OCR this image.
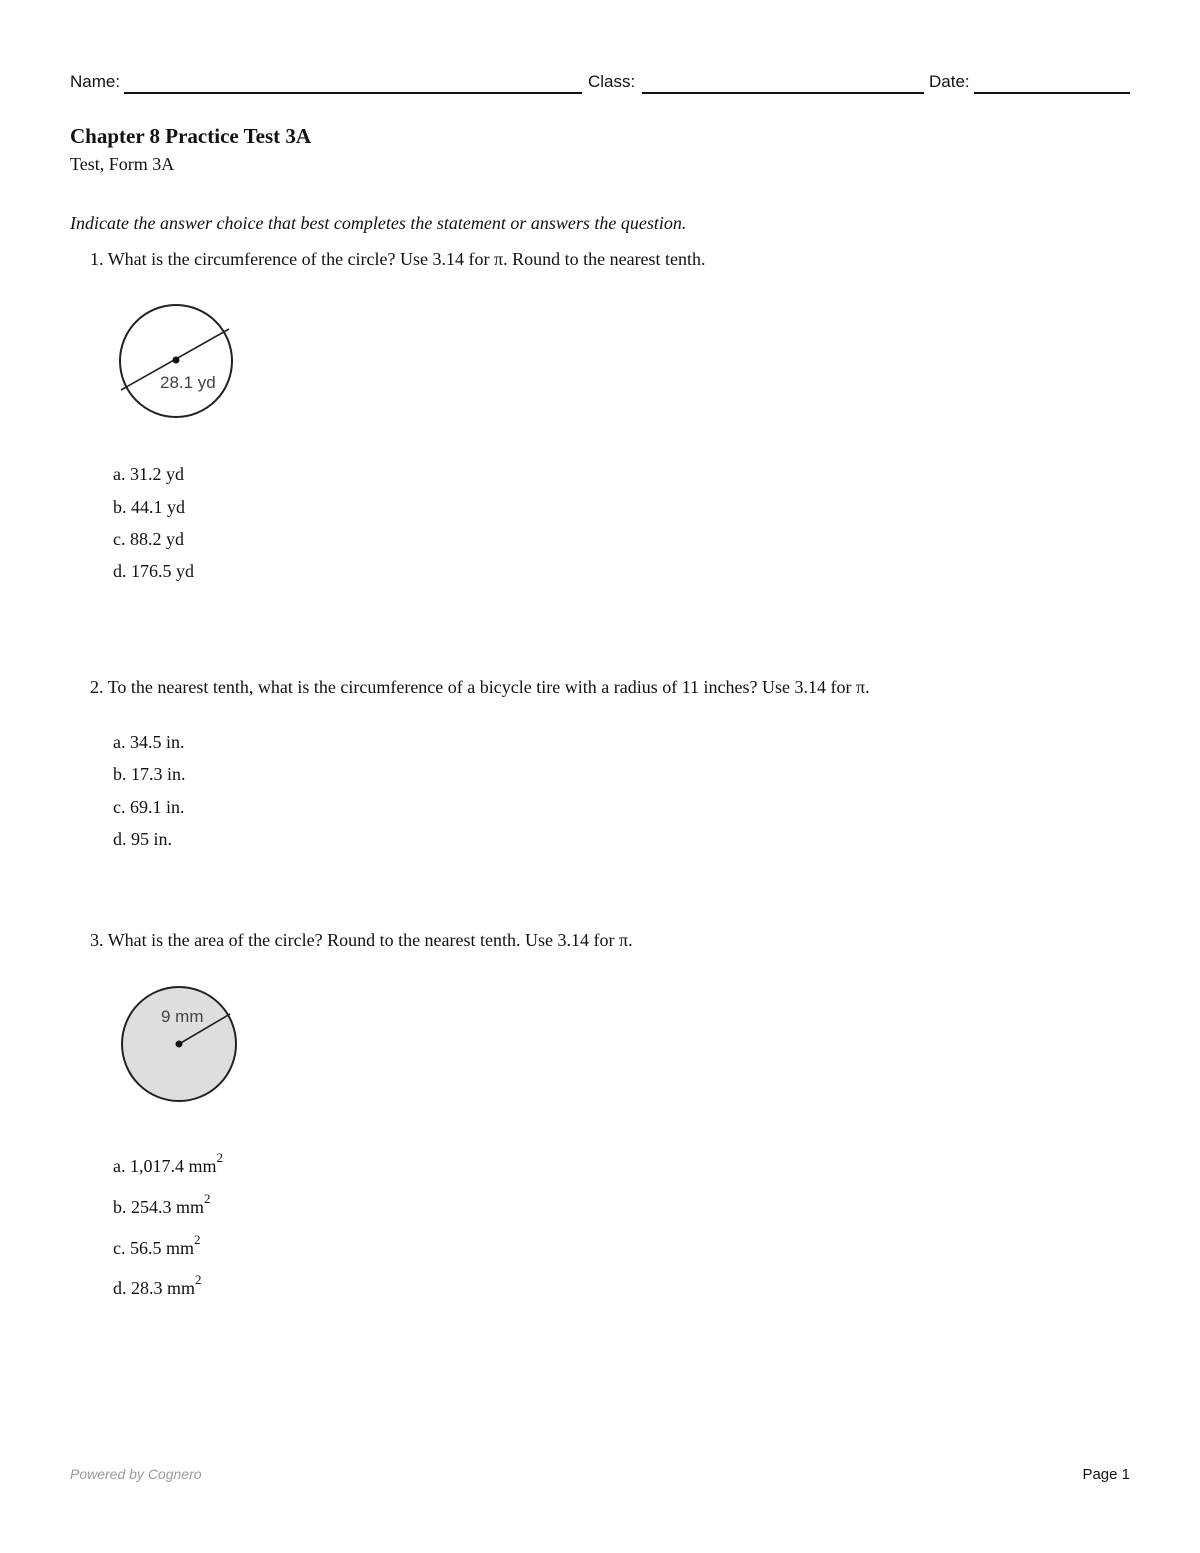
Name:	Class:	Date:
Chapter 8 Practice Test 3A
Test, Form 3A
Indicate the answer choice that best completes the statement or answers the question.
1. What is the circumference of the circle? Use 3.14 for π. Round to the nearest tenth.
28.1 yd
a. 31.2 yd
b. 44.1 yd
c. 88.2 yd
d. 176.5 yd
2. To the nearest tenth, what is the circumference of a bicycle tire with a radius of 11 inches? Use 3.14 for π.
a. 34.5 in.
b. 17.3 in.
c. 69.1 in.
d. 95 in.
3. What is the area of the circle? Round to the nearest tenth. Use 3.14 for π.
9 mm
a. 1,017.4 $mm^2$
b. 254.3 $mm^2$
c. 56.5 $mm^2$
d. 28.3 $mm^2$
Powered by Cognero	Page 1
